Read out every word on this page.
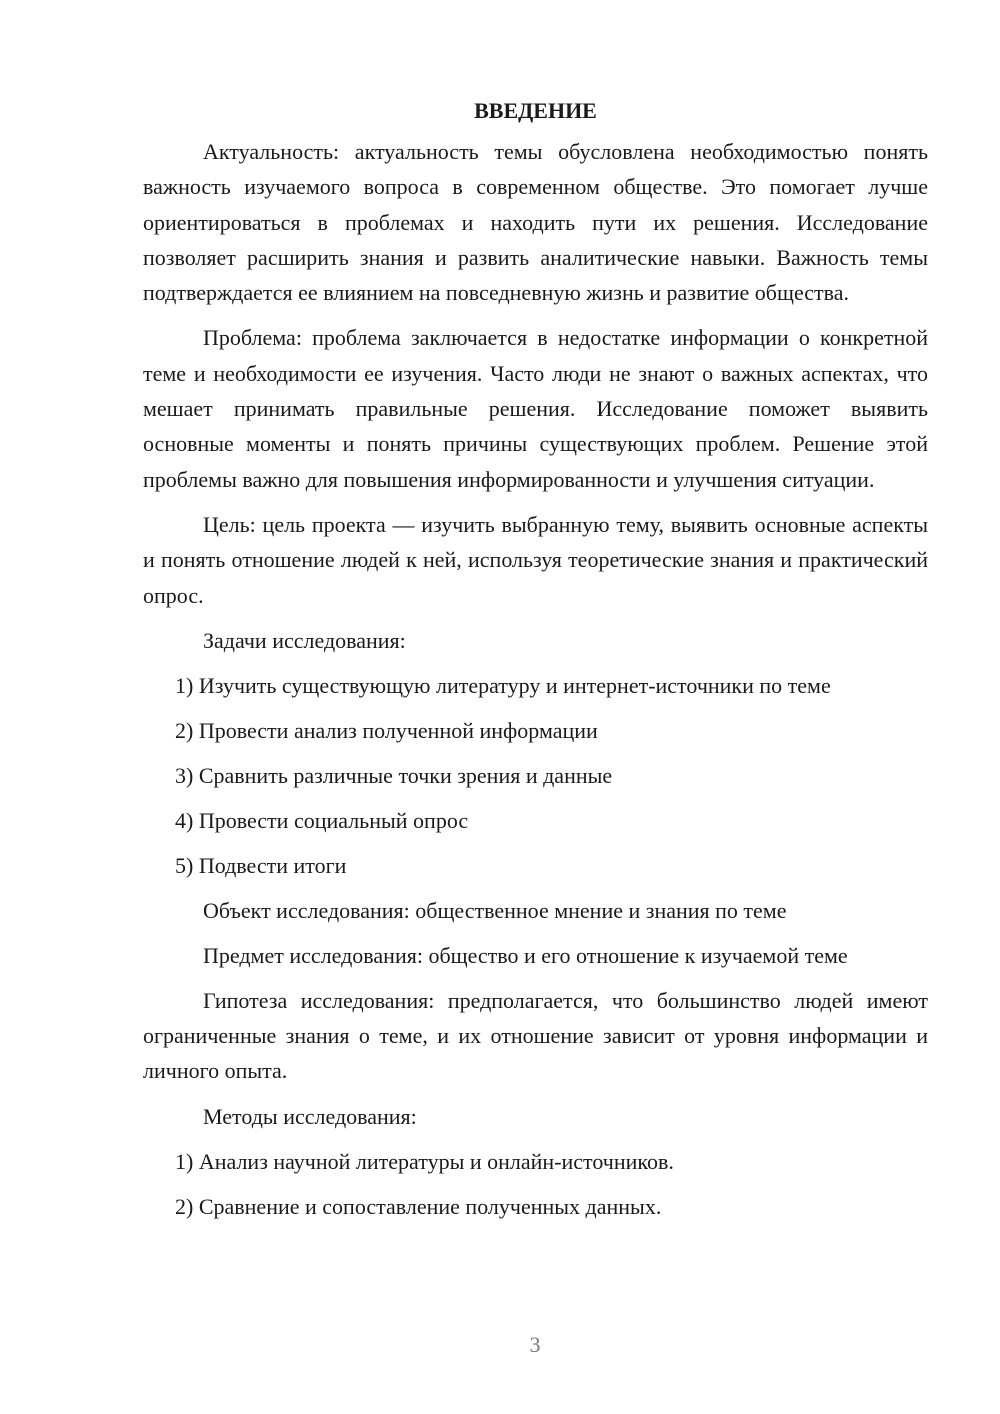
ВВЕДЕНИЕ

Актуальность: актуальность темы обусловлена необходимостью понять важность изучаемого вопроса в современном обществе. Это помогает лучше ориентироваться в проблемах и находить пути их решения. Исследование позволяет расширить знания и развить аналитические навыки. Важность темы подтверждается ее влиянием на повседневную жизнь и развитие общества.

Проблема: проблема заключается в недостатке информации о конкретной теме и необходимости ее изучения. Часто люди не знают о важных аспектах, что мешает принимать правильные решения. Исследование поможет выявить основные моменты и понять причины существующих проблем. Решение этой проблемы важно для повышения информированности и улучшения ситуации.

Цель: цель проекта — изучить выбранную тему, выявить основные аспекты и понять отношение людей к ней, используя теоретические знания и практический опрос.

Задачи исследования:
1) Изучить существующую литературу и интернет-источники по теме
2) Провести анализ полученной информации
3) Сравнить различные точки зрения и данные
4) Провести социальный опрос
5) Подвести итоги
Объект исследования: общественное мнение и знания по теме
Предмет исследования: общество и его отношение к изучаемой теме

Гипотеза исследования: предполагается, что большинство людей имеют ограниченные знания о теме, и их отношение зависит от уровня информации и личного опыта.

Методы исследования:
1) Анализ научной литературы и онлайн-источников.
2) Сравнение и сопоставление полученных данных.
3
